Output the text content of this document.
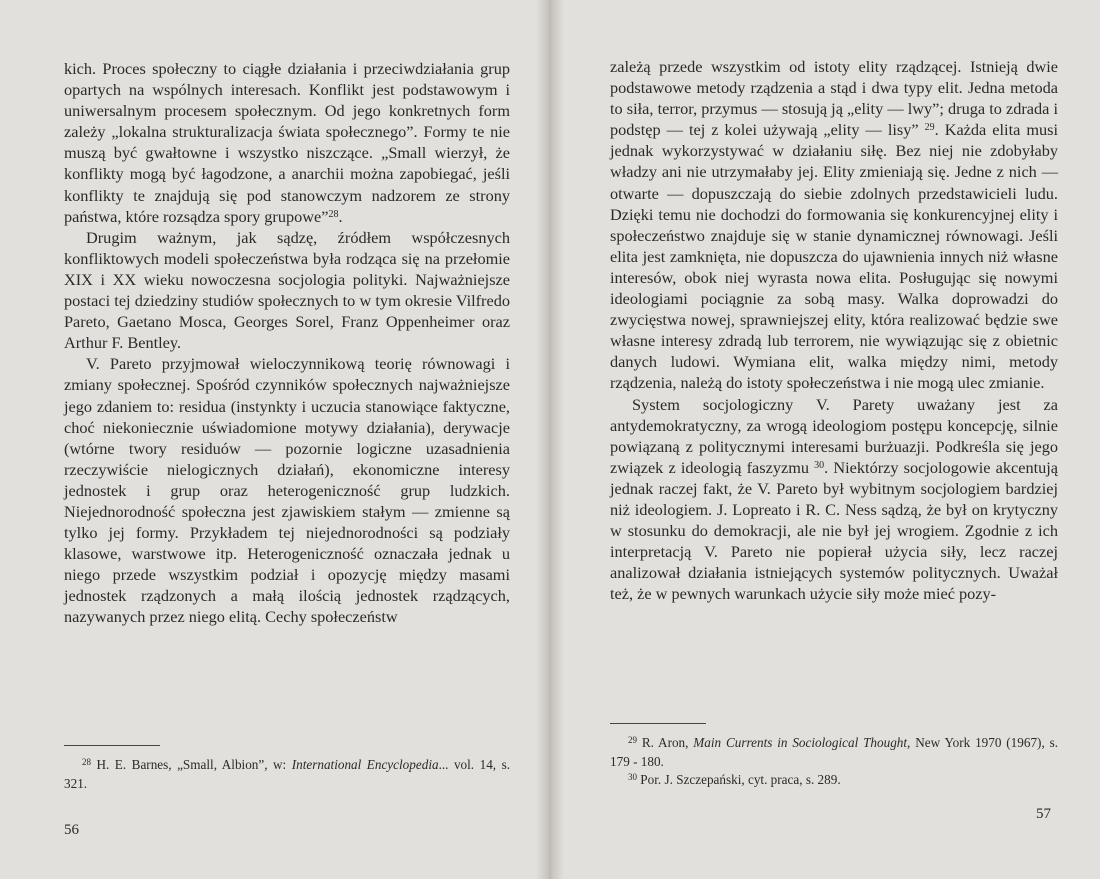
kich. Proces społeczny to ciągłe działania i przeciwdziałania grup opartych na wspólnych interesach. Konflikt jest podstawowym i uniwersalnym procesem społecznym. Od jego konkretnych form zależy „lokalna strukturalizacja świata społecznego”. Formy te nie muszą być gwałtowne i wszystko niszczące. „Small wierzył, że konflikty mogą być łagodzone, a anarchii można zapobiegać, jeśli konflikty te znajdują się pod stanowczym nadzorem ze strony państwa, które rozsądza spory grupowe”$^{28}$.

Drugim ważnym, jak sądzę, źródłem współczesnych konfliktowych modeli społeczeństwa była rodząca się na przełomie XIX i XX wieku nowoczesna socjologia polityki. Najważniejsze postaci tej dziedziny studiów społecznych to w tym okresie Vilfredo Pareto, Gaetano Mosca, Georges Sorel, Franz Oppenheimer oraz Arthur F. Bentley.

V. Pareto przyjmował wieloczynnikową teorię równowagi i zmiany społecznej. Spośród czynników społecznych najważniejsze jego zdaniem to: residua (instynkty i uczucia stanowiące faktyczne, choć niekoniecznie uświadomione motywy działania), derywacje (wtórne twory residuów — pozornie logiczne uzasadnienia rzeczywiście nielogicznych działań), ekonomiczne interesy jednostek i grup oraz heterogeniczność grup ludzkich. Niejednorodność społeczna jest zjawiskiem stałym — zmienne są tylko jej formy. Przykładem tej niejednorodności są podziały klasowe, warstwowe itp. Heterogeniczność oznaczała jednak u niego przede wszystkim podział i opozycję między masami jednostek rządzonych a małą ilością jednostek rządzących, nazywanych przez niego elitą. Cechy społeczeństw

$^{28}$ H. E. Barnes, „Small, Albion”, w: International Encyclopedia... vol. 14, s. 321.

56

zależą przede wszystkim od istoty elity rządzącej. Istnieją dwie podstawowe metody rządzenia a stąd i dwa typy elit. Jedna metoda to siła, terror, przymus — stosują ją „elity — lwy”; druga to zdrada i podstęp — tej z kolei używają „elity — lisy” $^{29}$. Każda elita musi jednak wykorzystywać w działaniu siłę. Bez niej nie zdobyłaby władzy ani nie utrzymałaby jej. Elity zmieniają się. Jedne z nich — otwarte — dopuszczają do siebie zdolnych przedstawicieli ludu. Dzięki temu nie dochodzi do formowania się konkurencyjnej elity i społeczeństwo znajduje się w stanie dynamicznej równowagi. Jeśli elita jest zamknięta, nie dopuszcza do ujawnienia innych niż własne interesów, obok niej wyrasta nowa elita. Posługując się nowymi ideologiami pociągnie za sobą masy. Walka doprowadzi do zwycięstwa nowej, sprawniejszej elity, która realizować będzie swe własne interesy zdradą lub terrorem, nie wywiązując się z obietnic danych ludowi. Wymiana elit, walka między nimi, metody rządzenia, należą do istoty społeczeństwa i nie mogą ulec zmianie.

System socjologiczny V. Parety uważany jest za antydemokratyczny, za wrogą ideologiom postępu koncepcję, silnie powiązaną z politycznymi interesami burżuazji. Podkreśla się jego związek z ideologią faszyzmu $^{30}$. Niektórzy socjologowie akcentują jednak raczej fakt, że V. Pareto był wybitnym socjologiem bardziej niż ideologiem. J. Lopreato i R. C. Ness sądzą, że był on krytyczny w stosunku do demokracji, ale nie był jej wrogiem. Zgodnie z ich interpretacją V. Pareto nie popierał użycia siły, lecz raczej analizował działania istniejących systemów politycznych. Uważał też, że w pewnych warunkach użycie siły może mieć pozy-

$^{29}$ R. Aron, Main Currents in Sociological Thought, New York 1970 (1967), s. 179 - 180.

$^{30}$ Por. J. Szczepański, cyt. praca, s. 289.

57
